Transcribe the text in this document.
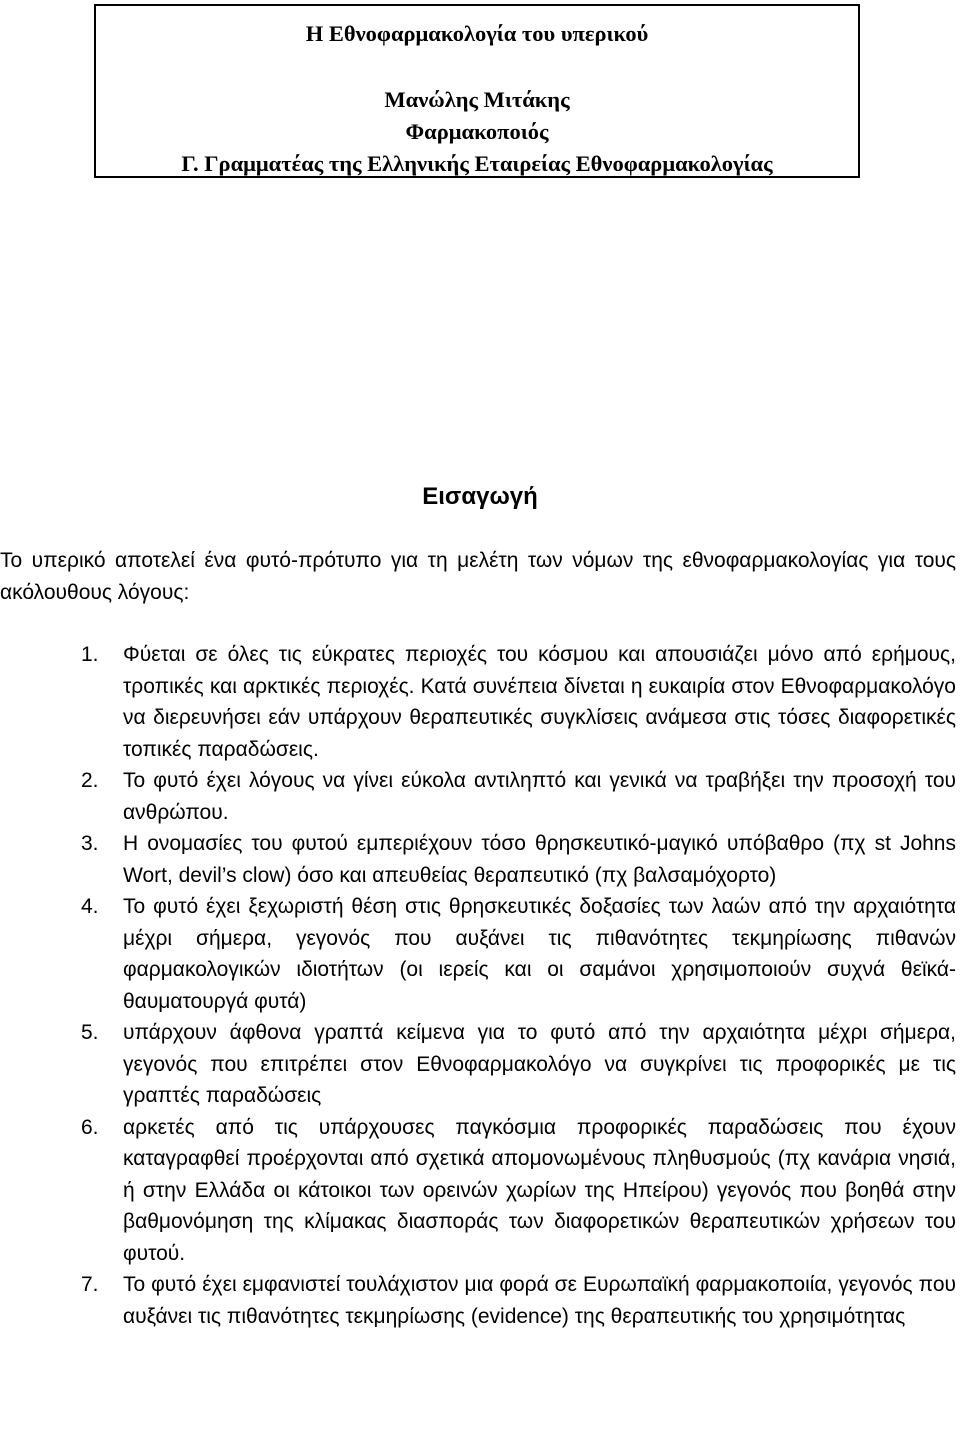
Η Εθνοφαρμακολογία του υπερικού
Μανώλης Μιτάκης
Φαρμακοποιός
Γ. Γραμματέας της Ελληνικής Εταιρείας Εθνοφαρμακολογίας
Εισαγωγή

Το υπερικό αποτελεί ένα φυτό-πρότυπο για τη μελέτη των νόμων της εθνοφαρμακολογίας για τους ακόλουθους λόγους:

1. Φύεται σε όλες τις εύκρατες περιοχές του κόσμου και απουσιάζει μόνο από ερήμους, τροπικές και αρκτικές περιοχές. Κατά συνέπεια δίνεται η ευκαιρία στον Εθνοφαρμακολόγο να διερευνήσει εάν υπάρχουν θεραπευτικές συγκλίσεις ανάμεσα στις τόσες διαφορετικές τοπικές παραδώσεις.
2. Το φυτό έχει λόγους να γίνει εύκολα αντιληπτό και γενικά να τραβήξει την προσοχή του ανθρώπου.
3. Η ονομασίες του φυτού εμπεριέχουν τόσο θρησκευτικό-μαγικό υπόβαθρο (πχ st Johns Wort, devil’s clow) όσο και απευθείας θεραπευτικό (πχ βαλσαμόχορτο)
4. Το φυτό έχει ξεχωριστή θέση στις θρησκευτικές δοξασίες των λαών από την αρχαιότητα μέχρι σήμερα, γεγονός που αυξάνει τις πιθανότητες τεκμηρίωσης πιθανών φαρμακολογικών ιδιοτήτων (οι ιερείς και οι σαμάνοι χρησιμοποιούν συχνά θεϊκά-θαυματουργά φυτά)
5. υπάρχουν άφθονα γραπτά κείμενα για το φυτό από την αρχαιότητα μέχρι σήμερα, γεγονός που επιτρέπει στον Εθνοφαρμακολόγο να συγκρίνει τις προφορικές με τις γραπτές παραδώσεις
6. αρκετές από τις υπάρχουσες παγκόσμια προφορικές παραδώσεις που έχουν καταγραφθεί προέρχονται από σχετικά απομονωμένους πληθυσμούς (πχ κανάρια νησιά, ή στην Ελλάδα οι κάτοικοι των ορεινών χωρίων της Ηπείρου) γεγονός που βοηθά στην βαθμονόμηση της κλίμακας διασποράς των διαφορετικών θεραπευτικών χρήσεων του φυτού.
7. Το φυτό έχει εμφανιστεί τουλάχιστον μια φορά σε Ευρωπαϊκή φαρμακοποιία, γεγονός που αυξάνει τις πιθανότητες τεκμηρίωσης (evidence) της θεραπευτικής του χρησιμότητας
